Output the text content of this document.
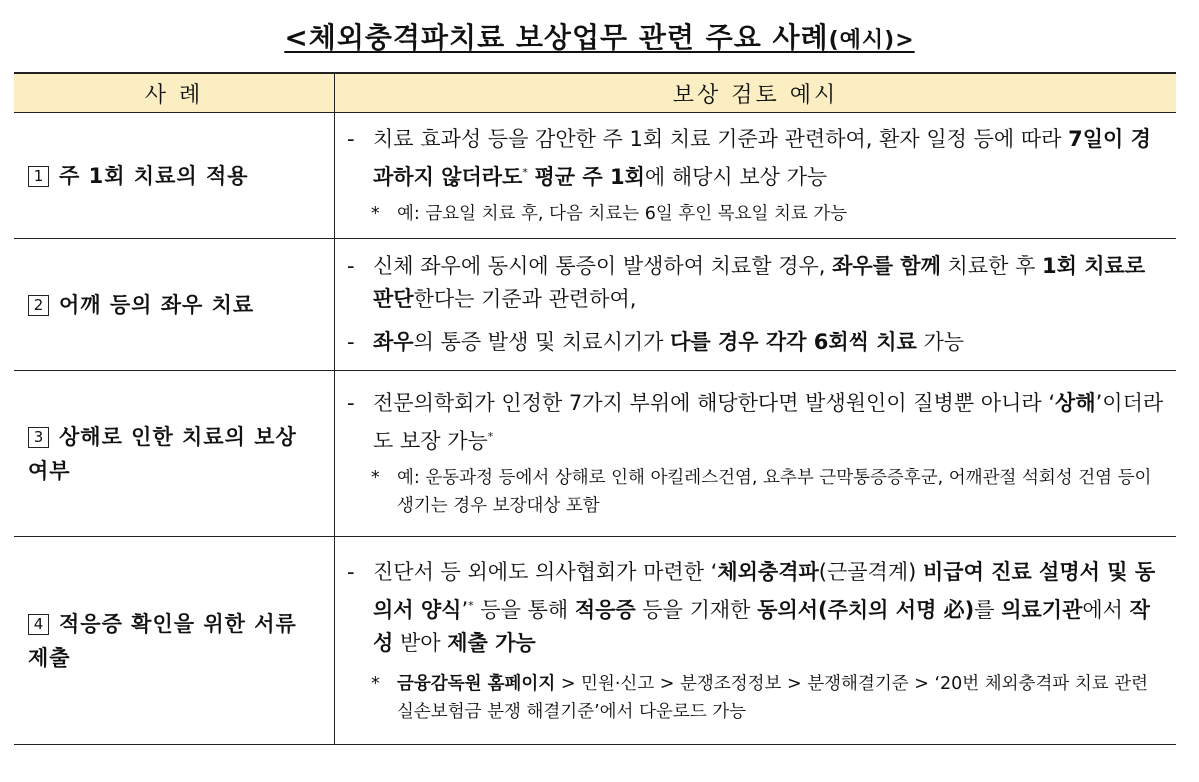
<체외충격파치료 보상업무 관련 주요 사례(예시)>
사 례	보상 검토 예시
1 주 1회 치료의 적용	- 치료 효과성 등을 감안한 주 1회 치료 기준과 관련하여, 환자 일정 등에 따라 7일이 경과하지 않더라도* 평균 주 1회에 해당시 보상 가능
* 예: 금요일 치료 후, 다음 치료는 6일 후인 목요일 치료 가능

2 어깨 등의 좌우 치료	- 신체 좌우에 동시에 통증이 발생하여 치료할 경우, 좌우를 함께 치료한 후 1회 치료로 판단한다는 기준과 관련하여,
- 좌우의 통증 발생 및 치료시기가 다를 경우 각각 6회씩 치료 가능

3 상해로 인한 치료의 보상 여부	- 전문의학회가 인정한 7가지 부위에 해당한다면 발생원인이 질병뿐 아니라 ‘상해’이더라도 보장 가능*
* 예: 운동과정 등에서 상해로 인해 아킬레스건염, 요추부 근막통증증후군, 어깨관절 석회성 건염 등이 생기는 경우 보장대상 포함

4 적응증 확인을 위한 서류 제출	- 진단서 등 외에도 의사협회가 마련한 ‘체외충격파(근골격계) 비급여 진료 설명서 및 동의서 양식’* 등을 통해 적응증 등을 기재한 동의서(주치의 서명 必)를 의료기관에서 작성 받아 제출 가능
* 금융감독원 홈페이지 > 민원·신고 > 분쟁조정정보 > 분쟁해결기준 > ‘20번 체외충격파 치료 관련 실손보험금 분쟁 해결기준’에서 다운로드 가능
